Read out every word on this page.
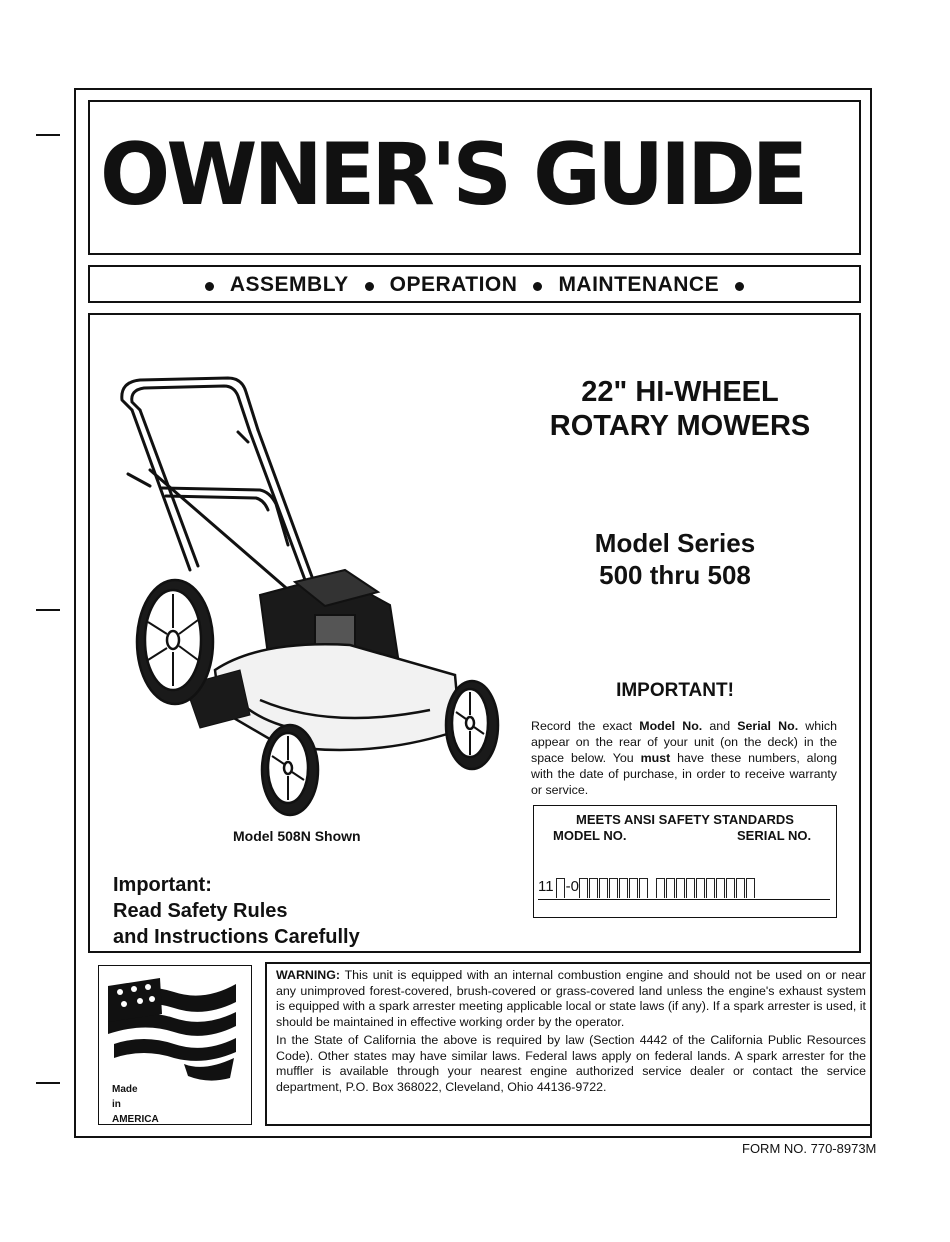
OWNER'S GUIDE
ASSEMBLY OPERATION MAINTENANCE
Model 508N Shown
22" HI-WHEEL
ROTARY MOWERS
Model Series
500 thru 508
IMPORTANT!
Record the exact Model No. and Serial No. which appear on the rear of your unit (on the deck) in the space below. You must have these numbers, along with the date of purchase, in order to receive warranty or service.
MEETS ANSI SAFETY STANDARDS
MODEL NO.	SERIAL NO.
11 -0
Important:
Read Safety Rules
and Instructions Carefully
Made
in
AMERICA

WARNING: This unit is equipped with an internal combustion engine and should not be used on or near any unimproved forest-covered, brush-covered or grass-covered land unless the engine's exhaust system is equipped with a spark arrester meeting applicable local or state laws (if any). If a spark arrester is used, it should be maintained in effective working order by the operator.

In the State of California the above is required by law (Section 4442 of the California Public Resources Code). Other states may have similar laws. Federal laws apply on federal lands. A spark arrester for the muffler is available through your nearest engine authorized service dealer or contact the service department, P.O. Box 368022, Cleveland, Ohio 44136-9722.

FORM NO. 770-8973M
